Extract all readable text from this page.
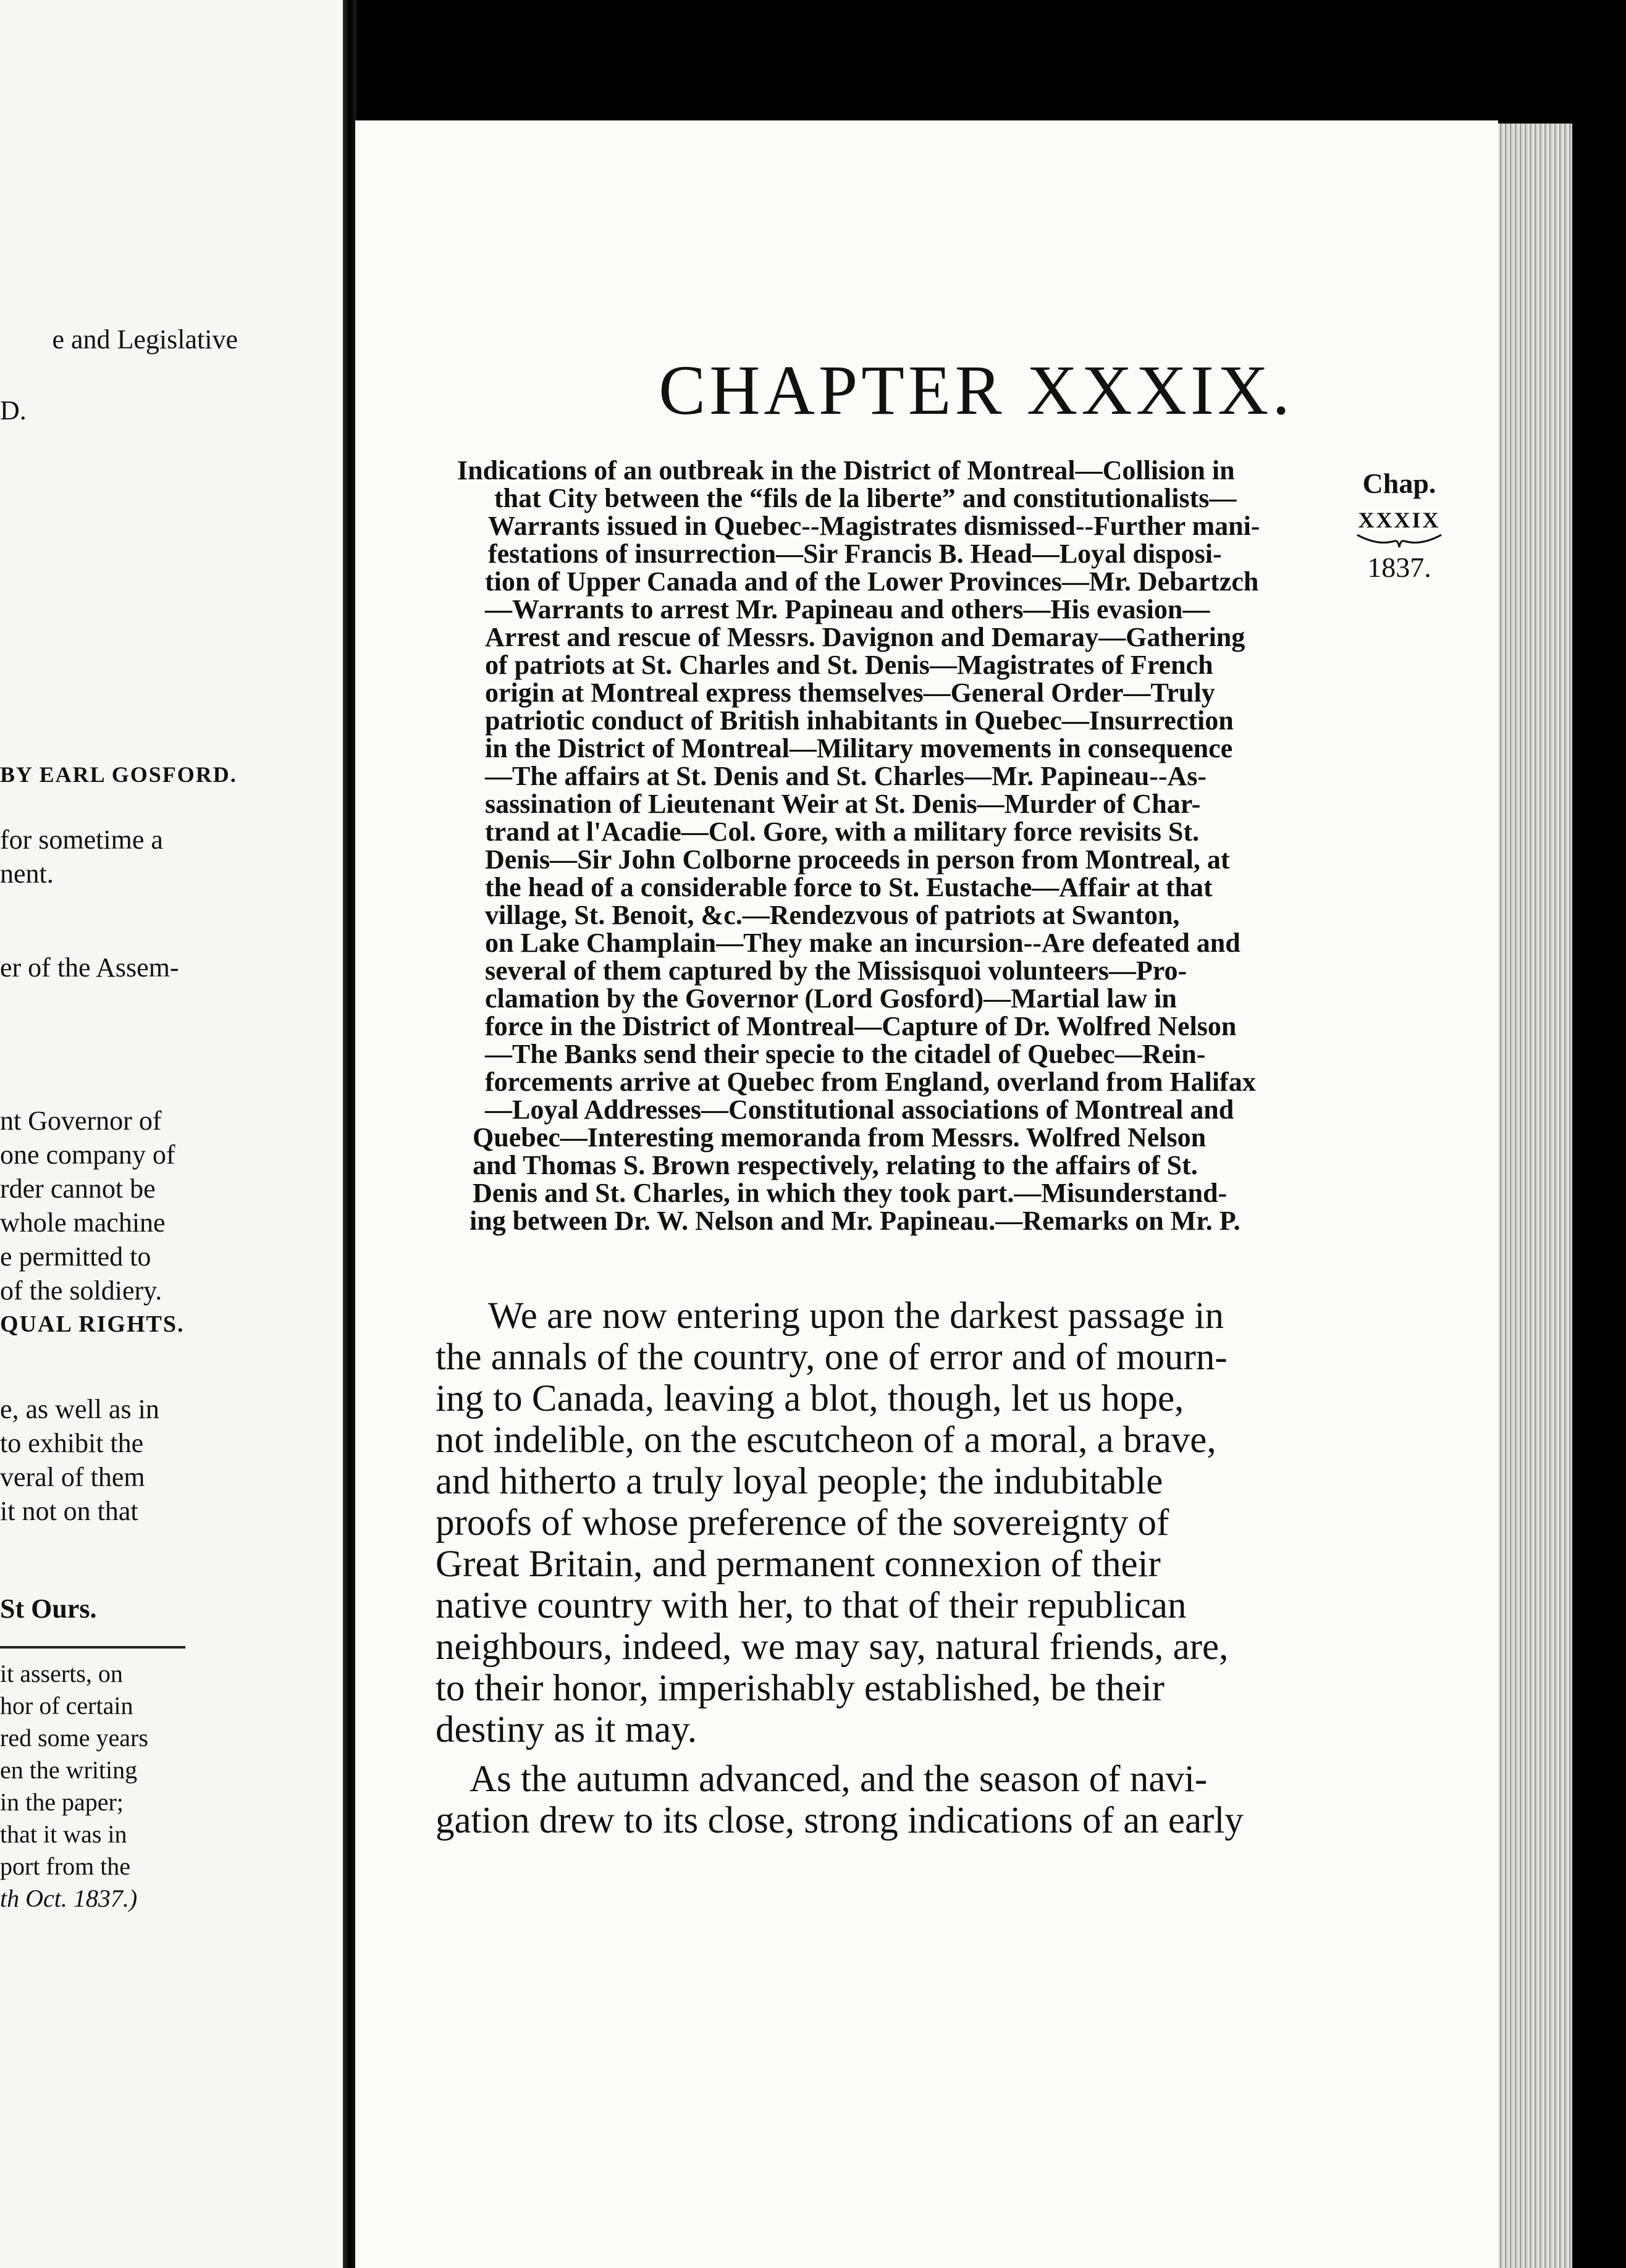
e and Legislative
D.
BY EARL GOSFORD.
for sometime a
nent.
er of the Assem-
nt Governor of
one company of
rder cannot be
whole machine
e permitted to
of the soldiery.
QUAL RIGHTS.
e, as well as in
to exhibit the
veral of them
it not on that
St Ours.
it asserts, on
hor of certain
red some years
en the writing
in the paper;
that it was in
port from the
th Oct. 1837.)
CHAPTER XXXIX.
Chap.
XXXIX
1837.
Indications of an outbreak in the District of Montreal—Collision in
that City between the “fils de la liberte” and constitutionalists—
Warrants issued in Quebec--Magistrates dismissed--Further mani-
festations of insurrection—Sir Francis B. Head—Loyal disposi-
tion of Upper Canada and of the Lower Provinces—Mr. Debartzch
—Warrants to arrest Mr. Papineau and others—His evasion—
Arrest and rescue of Messrs. Davignon and Demaray—Gathering
of patriots at St. Charles and St. Denis—Magistrates of French
origin at Montreal express themselves—General Order—Truly
patriotic conduct of British inhabitants in Quebec—Insurrection
in the District of Montreal—Military movements in consequence
—The affairs at St. Denis and St. Charles—Mr. Papineau--As-
sassination of Lieutenant Weir at St. Denis—Murder of Char-
trand at l'Acadie—Col. Gore, with a military force revisits St.
Denis—Sir John Colborne proceeds in person from Montreal, at
the head of a considerable force to St. Eustache—Affair at that
village, St. Benoit, &c.—Rendezvous of patriots at Swanton,
on Lake Champlain—They make an incursion--Are defeated and
several of them captured by the Missisquoi volunteers—Pro-
clamation by the Governor (Lord Gosford)—Martial law in
force in the District of Montreal—Capture of Dr. Wolfred Nelson
—The Banks send their specie to the citadel of Quebec—Rein-
forcements arrive at Quebec from England, overland from Halifax
—Loyal Addresses—Constitutional associations of Montreal and
Quebec—Interesting memoranda from Messrs. Wolfred Nelson
and Thomas S. Brown respectively, relating to the affairs of St.
Denis and St. Charles, in which they took part.—Misunderstand-
ing between Dr. W. Nelson and Mr. Papineau.—Remarks on Mr. P.
We are now entering upon the darkest passage in
the annals of the country, one of error and of mourn-
ing to Canada, leaving a blot, though, let us hope,
not indelible, on the escutcheon of a moral, a brave,
and hitherto a truly loyal people; the indubitable
proofs of whose preference of the sovereignty of
Great Britain, and permanent connexion of their
native country with her, to that of their republican
neighbours, indeed, we may say, natural friends, are,
to their honor, imperishably established, be their
destiny as it may.
As the autumn advanced, and the season of navi-
gation drew to its close, strong indications of an early
